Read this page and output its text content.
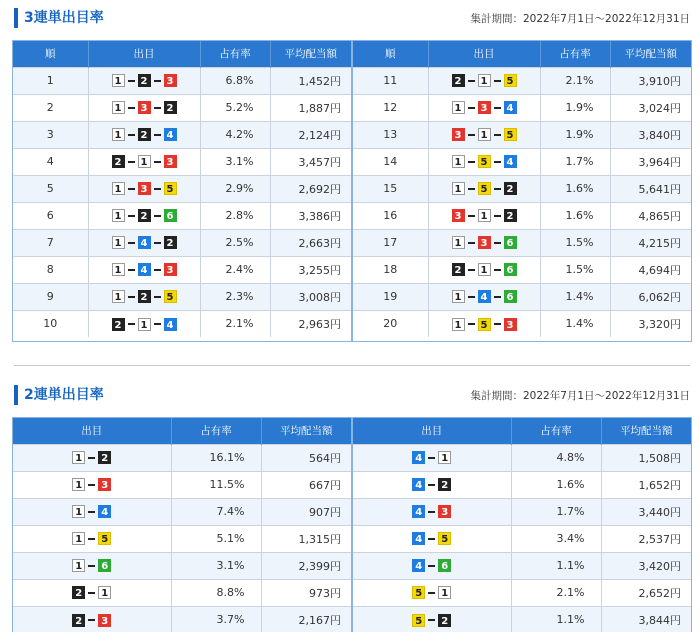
3連単出目率	集計期間：2022年7月1日～2022年12月31日
順	出目	占有率	平均配当額
1	1 2 3	6.8%	1,452円
2	1 3 2	5.2%	1,887円
3	1 2 4	4.2%	2,124円
4	2 1 3	3.1%	3,457円
5	1 3 5	2.9%	2,692円
6	1 2 6	2.8%	3,386円
7	1 4 2	2.5%	2,663円
8	1 4 3	2.4%	3,255円
9	1 2 5	2.3%	3,008円
10	2 1 4	2.1%	2,963円
順	出目	占有率	平均配当額
11	2 1 5	2.1%	3,910円
12	1 3 4	1.9%	3,024円
13	3 1 5	1.9%	3,840円
14	1 5 4	1.7%	3,964円
15	1 5 2	1.6%	5,641円
16	3 1 2	1.6%	4,865円
17	1 3 6	1.5%	4,215円
18	2 1 6	1.5%	4,694円
19	1 4 6	1.4%	6,062円
20	1 5 3	1.4%	3,320円
2連単出目率	集計期間：2022年7月1日～2022年12月31日
出目	占有率	平均配当額

1 2	16.1%	564円

1 3	11.5%	667円

1 4	7.4%	907円

1 5	5.1%	1,315円

1 6	3.1%	2,399円

2 1	8.8%	973円

2 3	3.7%	2,167円
出目	占有率	平均配当額

4 1	4.8%	1,508円

4 2	1.6%	1,652円

4 3	1.7%	3,440円

4 5	3.4%	2,537円

4 6	1.1%	3,420円

5 1	2.1%	2,652円

5 2	1.1%	3,844円
